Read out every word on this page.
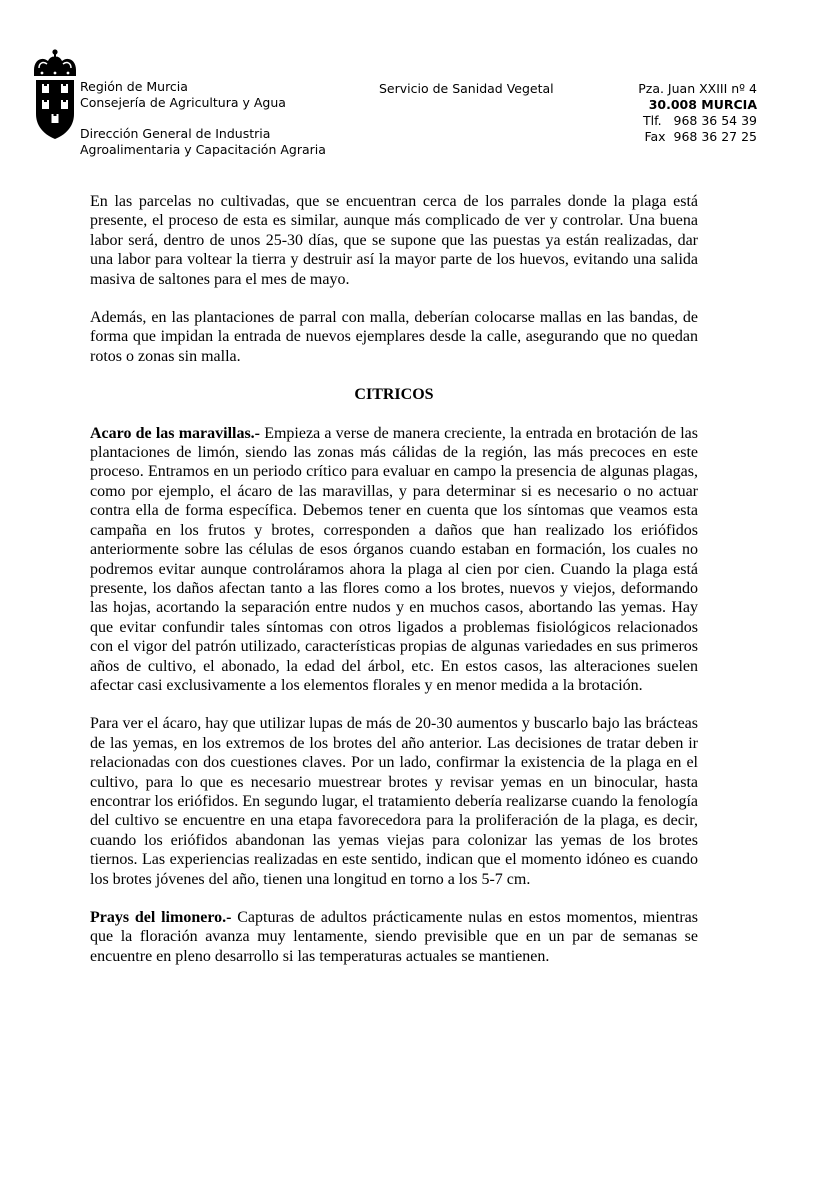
Región de Murcia
Consejería de Agricultura y Agua
Dirección General de Industria
Agroalimentaria y Capacitación Agraria
Servicio de Sanidad Vegetal	Pza. Juan XXIII nº 4
30.008 MURCIA
Tlf.   968 36 54 39
Fax  968 36 27 25

En las parcelas no cultivadas, que se encuentran cerca de los parrales donde la plaga está presente, el proceso de esta es similar, aunque más complicado de ver y controlar. Una buena labor será, dentro de unos 25-30 días, que se supone que las puestas ya están realizadas, dar una labor para voltear la tierra y destruir así la mayor parte de los huevos, evitando una salida masiva de saltones para el mes de mayo.

Además, en las plantaciones de parral con malla, deberían colocarse mallas en las bandas, de forma que impidan la entrada de nuevos ejemplares desde la calle, asegurando que no quedan rotos o zonas sin malla.

CITRICOS

Acaro de las maravillas.- Empieza a verse de manera creciente, la entrada en brotación de las plantaciones de limón, siendo las zonas más cálidas de la región, las más precoces en este proceso. Entramos en un periodo crítico para evaluar en campo la presencia de algunas plagas, como por ejemplo, el ácaro de las maravillas, y para determinar si es necesario o no actuar contra ella de forma específica. Debemos tener en cuenta que los síntomas que veamos esta campaña en los frutos y brotes, corresponden a daños que han realizado los eriófidos anteriormente sobre las células de esos órganos cuando estaban en formación, los cuales no podremos evitar aunque controláramos ahora la plaga al cien por cien. Cuando la plaga está presente, los daños afectan tanto a las flores como a los brotes, nuevos y viejos, deformando las hojas, acortando la separación entre nudos y en muchos casos, abortando las yemas. Hay que evitar confundir tales síntomas con otros ligados a problemas fisiológicos relacionados con el vigor del patrón utilizado, características propias de algunas variedades en sus primeros años de cultivo, el abonado, la edad del árbol, etc. En estos casos, las alteraciones suelen afectar casi exclusivamente a los elementos florales y en menor medida a la brotación.

Para ver el ácaro, hay que utilizar lupas de más de 20-30 aumentos y buscarlo bajo las brácteas de las yemas, en los extremos de los brotes del año anterior. Las decisiones de tratar deben ir relacionadas con dos cuestiones claves. Por un lado, confirmar la existencia de la plaga en el cultivo, para lo que es necesario muestrear brotes y revisar yemas en un binocular, hasta encontrar los eriófidos. En segundo lugar, el tratamiento debería realizarse cuando la fenología del cultivo se encuentre en una etapa favorecedora para la proliferación de la plaga, es decir, cuando los eriófidos abandonan las yemas viejas para colonizar las yemas de los brotes tiernos. Las experiencias realizadas en este sentido, indican que el momento idóneo es cuando los brotes jóvenes del año, tienen una longitud en torno a los 5-7 cm.

Prays del limonero.- Capturas de adultos prácticamente nulas en estos momentos, mientras que la floración avanza muy lentamente, siendo previsible que en un par de semanas se encuentre en pleno desarrollo si las temperaturas actuales se mantienen.
